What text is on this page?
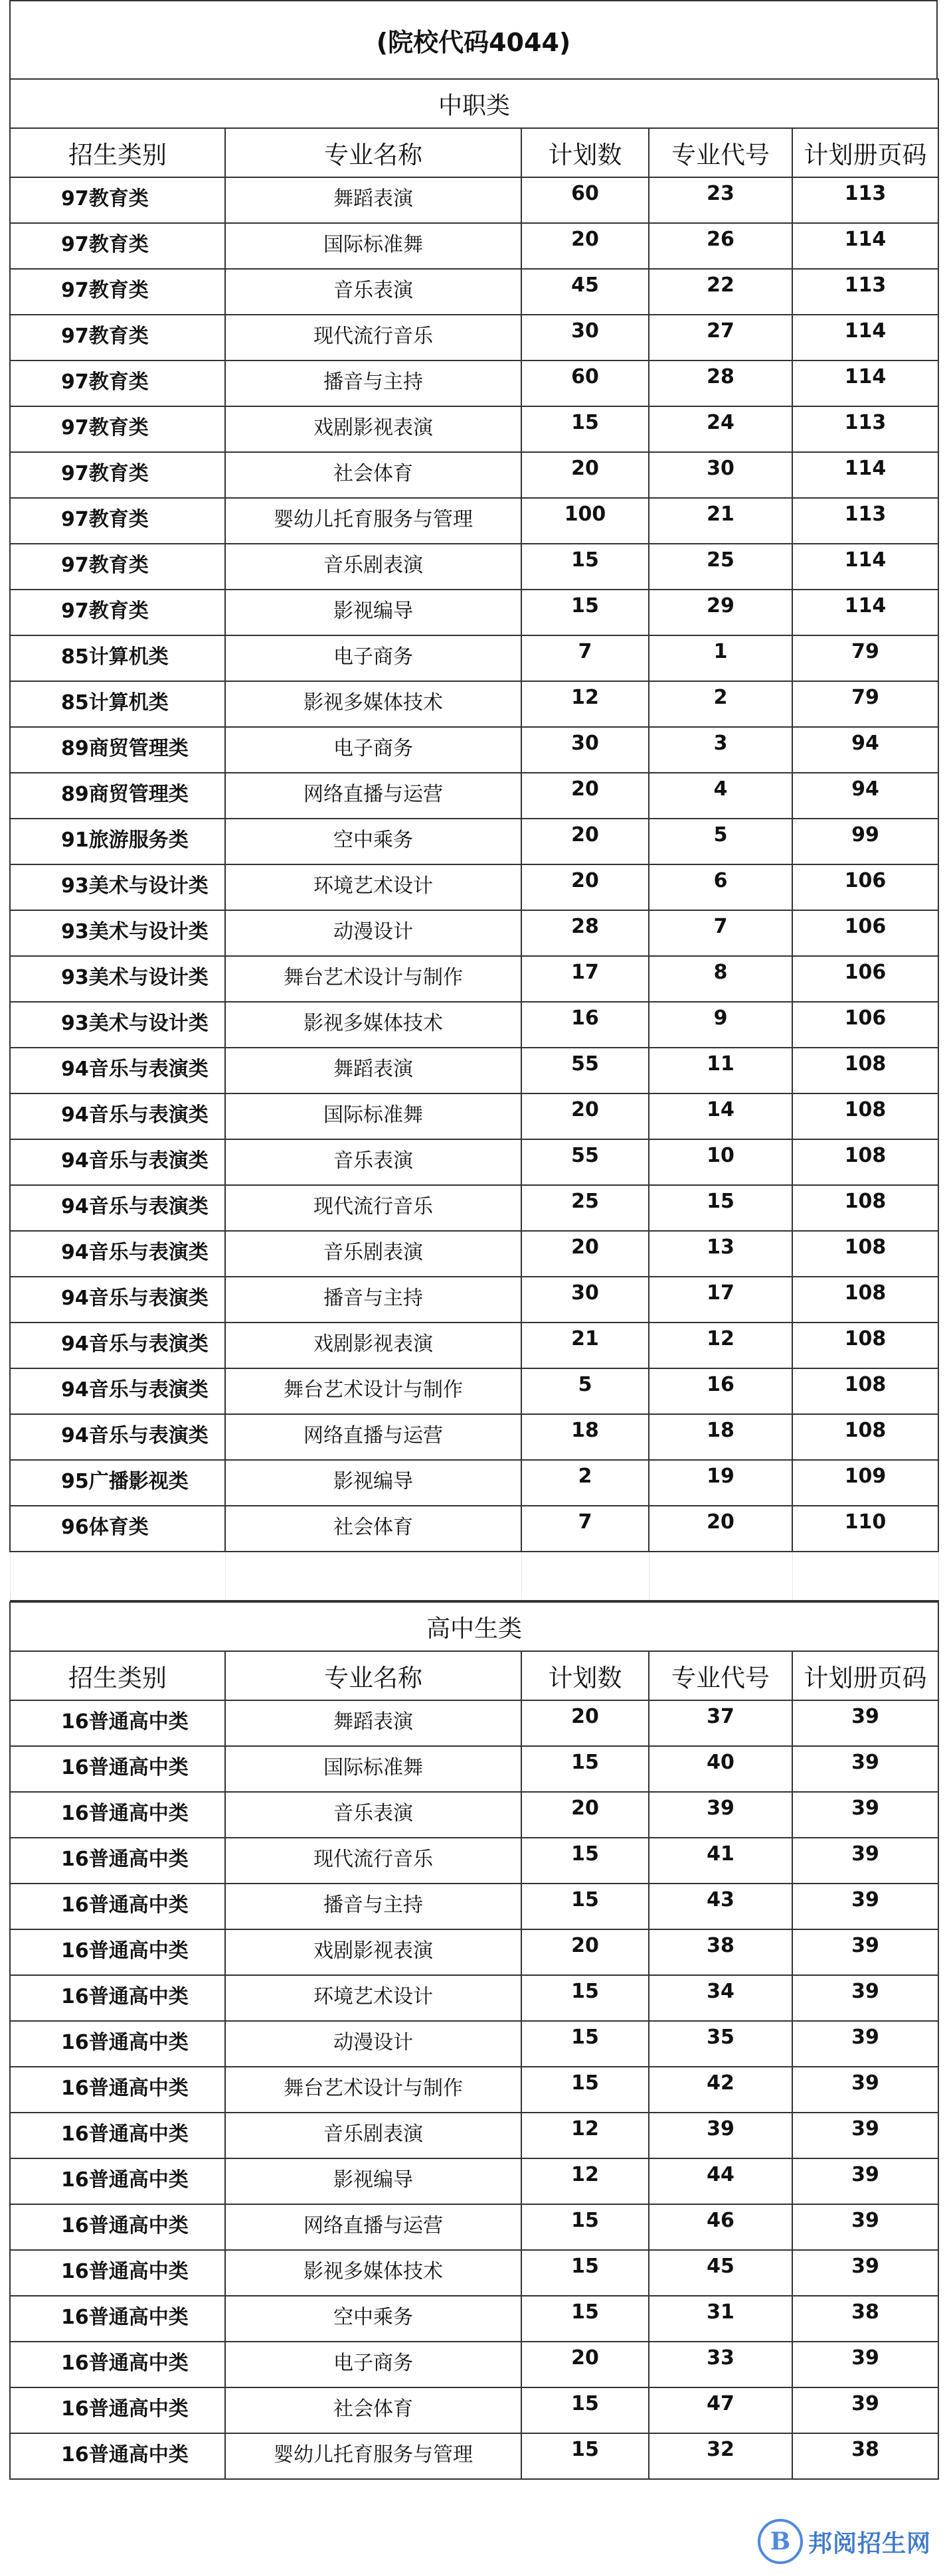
(院校代码4044)
中职类				
招生类别	专业名称	计划数	专业代号	计划册页码
97教育类	舞蹈表演	60	23	113
97教育类	国际标准舞	20	26	114
97教育类	音乐表演	45	22	113
97教育类	现代流行音乐	30	27	114
97教育类	播音与主持	60	28	114
97教育类	戏剧影视表演	15	24	113
97教育类	社会体育	20	30	114
97教育类	婴幼儿托育服务与管理	100	21	113
97教育类	音乐剧表演	15	25	114
97教育类	影视编导	15	29	114
85计算机类	电子商务	7	1	79
85计算机类	影视多媒体技术	12	2	79
89商贸管理类	电子商务	30	3	94
89商贸管理类	网络直播与运营	20	4	94
91旅游服务类	空中乘务	20	5	99
93美术与设计类	环境艺术设计	20	6	106
93美术与设计类	动漫设计	28	7	106
93美术与设计类	舞台艺术设计与制作	17	8	106
93美术与设计类	影视多媒体技术	16	9	106
94音乐与表演类	舞蹈表演	55	11	108
94音乐与表演类	国际标准舞	20	14	108
94音乐与表演类	音乐表演	55	10	108
94音乐与表演类	现代流行音乐	25	15	108
94音乐与表演类	音乐剧表演	20	13	108
94音乐与表演类	播音与主持	30	17	108
94音乐与表演类	戏剧影视表演	21	12	108
94音乐与表演类	舞台艺术设计与制作	5	16	108
94音乐与表演类	网络直播与运营	18	18	108
95广播影视类	影视编导	2	19	109
96体育类	社会体育	7	20	110

高中生类				
招生类别	专业名称	计划数	专业代号	计划册页码
16普通高中类	舞蹈表演	20	37	39
16普通高中类	国际标准舞	15	40	39
16普通高中类	音乐表演	20	39	39
16普通高中类	现代流行音乐	15	41	39
16普通高中类	播音与主持	15	43	39
16普通高中类	戏剧影视表演	20	38	39
16普通高中类	环境艺术设计	15	34	39
16普通高中类	动漫设计	15	35	39
16普通高中类	舞台艺术设计与制作	15	42	39
16普通高中类	音乐剧表演	12	39	39
16普通高中类	影视编导	12	44	39
16普通高中类	网络直播与运营	15	46	39
16普通高中类	影视多媒体技术	15	45	39
16普通高中类	空中乘务	15	31	38
16普通高中类	电子商务	20	33	39
16普通高中类	社会体育	15	47	39
16普通高中类	婴幼儿托育服务与管理	15	32	38
B 邦阅招生网
